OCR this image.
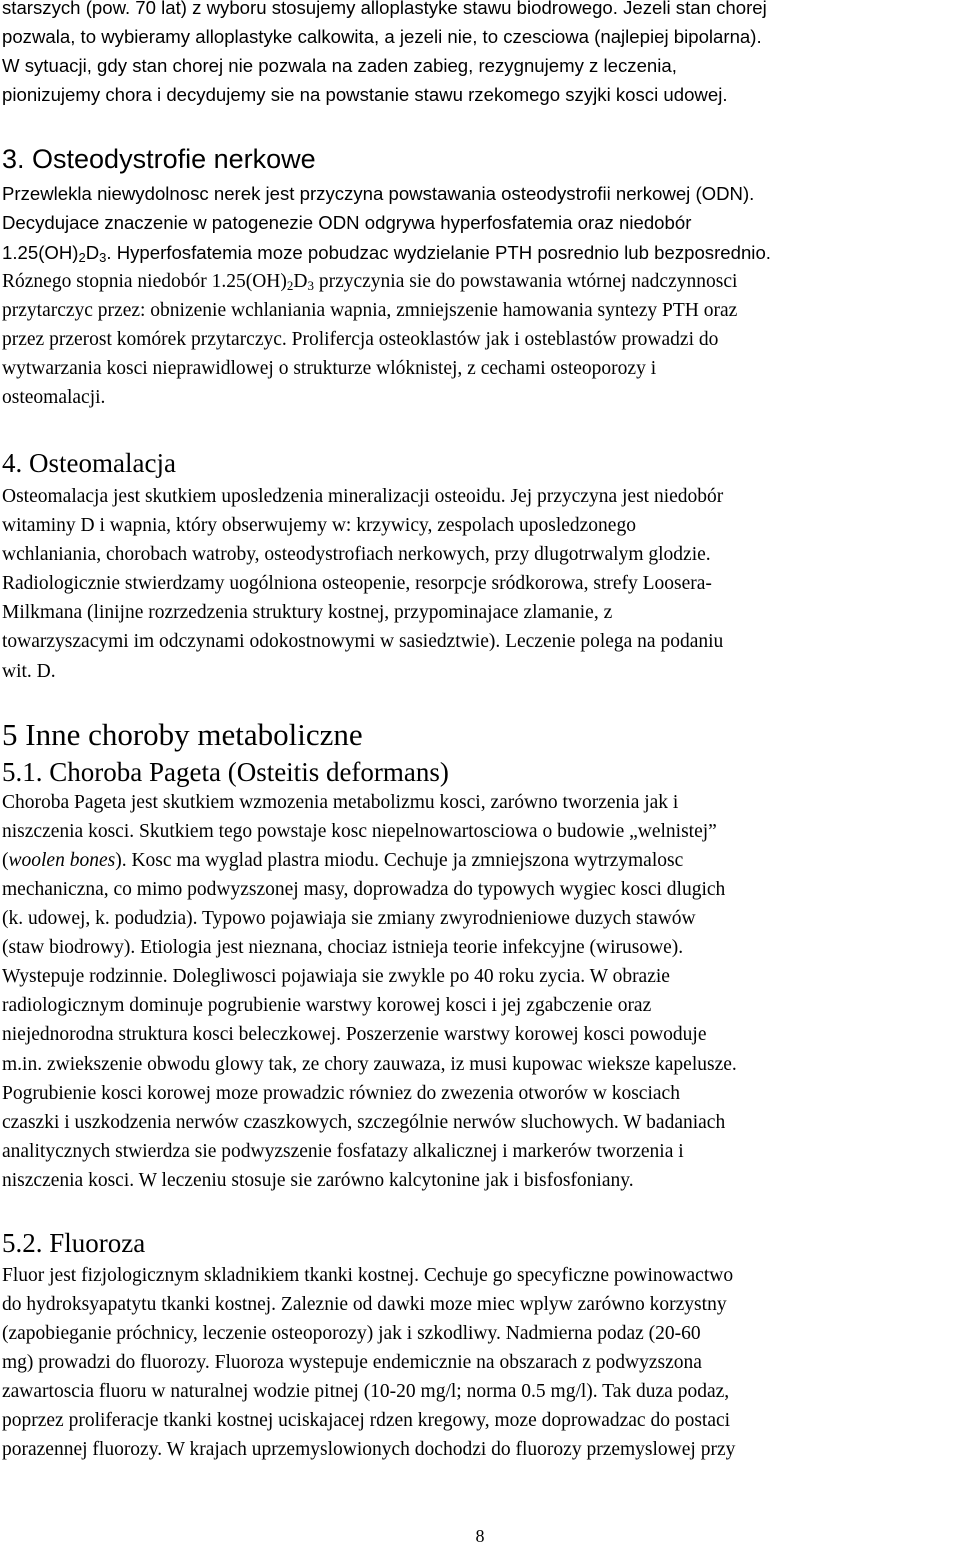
starszych (pow. 70 lat) z wyboru stosujemy alloplastyke stawu biodrowego. Jezeli stan chorej
pozwala, to wybieramy alloplastyke calkowita, a jezeli nie, to czesciowa (najlepiej bipolarna).
W sytuacji, gdy stan chorej nie pozwala na zaden zabieg, rezygnujemy z leczenia,
pionizujemy chora i decydujemy sie na powstanie stawu rzekomego szyjki kosci udowej.
3. Osteodystrofie nerkowe
Przewlekla niewydolnosc nerek jest przyczyna powstawania osteodystrofii nerkowej (ODN).
Decydujace znaczenie w patogenezie ODN odgrywa hyperfosfatemia oraz niedobór
$1.25(OH)_2D_3$. Hyperfosfatemia moze pobudzac wydzielanie PTH posrednio lub bezposrednio.
Róznego stopnia niedobór $1.25(OH)_2D_3$ przyczynia sie do powstawania wtórnej nadczynnosci
przytarczyc przez: obnizenie wchlaniania wapnia, zmniejszenie hamowania syntezy PTH oraz
przez przerost komórek przytarczyc. Prolifercja osteoklastów jak i osteblastów prowadzi do
wytwarzania kosci nieprawidlowej o strukturze wlóknistej, z cechami osteoporozy i
osteomalacji.
4. Osteomalacja
Osteomalacja jest skutkiem uposledzenia mineralizacji osteoidu. Jej przyczyna jest niedobór
witaminy D i wapnia, który obserwujemy w: krzywicy, zespolach uposledzonego
wchlaniania, chorobach watroby, osteodystrofiach nerkowych, przy dlugotrwalym glodzie.
Radiologicznie stwierdzamy uogólniona osteopenie, resorpcje sródkorowa, strefy Loosera-
Milkmana (linijne rozrzedzenia struktury kostnej, przypominajace zlamanie, z
towarzyszacymi im odczynami odokostnowymi w sasiedztwie). Leczenie polega na podaniu
wit. D.
5 Inne choroby metaboliczne
5.1. Choroba Pageta (Osteitis deformans)
Choroba Pageta jest skutkiem wzmozenia metabolizmu kosci, zarówno tworzenia jak i
niszczenia kosci. Skutkiem tego powstaje kosc niepelnowartosciowa o budowie „welnistej”
(woolen bones). Kosc ma wyglad plastra miodu. Cechuje ja zmniejszona wytrzymalosc
mechaniczna, co mimo podwyzszonej masy, doprowadza do typowych wygiec kosci dlugich
(k. udowej, k. podudzia). Typowo pojawiaja sie zmiany zwyrodnieniowe duzych stawów
(staw biodrowy). Etiologia jest nieznana, chociaz istnieja teorie infekcyjne (wirusowe).
Wystepuje rodzinnie. Dolegliwosci pojawiaja sie zwykle po 40 roku zycia. W obrazie
radiologicznym dominuje pogrubienie warstwy korowej kosci i jej zgabczenie oraz
niejednorodna struktura kosci beleczkowej. Poszerzenie warstwy korowej kosci powoduje
m.in. zwiekszenie obwodu glowy tak, ze chory zauwaza, iz musi kupowac wieksze kapelusze.
Pogrubienie kosci korowej moze prowadzic równiez do zwezenia otworów w kosciach
czaszki i uszkodzenia nerwów czaszkowych, szczególnie nerwów sluchowych. W badaniach
analitycznych stwierdza sie podwyzszenie fosfatazy alkalicznej i markerów tworzenia i
niszczenia kosci. W leczeniu stosuje sie zarówno kalcytonine jak i bisfosfoniany.
5.2. Fluoroza
Fluor jest fizjologicznym skladnikiem tkanki kostnej. Cechuje go specyficzne powinowactwo
do hydroksyapatytu tkanki kostnej. Zaleznie od dawki moze miec wplyw zarówno korzystny
(zapobieganie próchnicy, leczenie osteoporozy) jak i szkodliwy. Nadmierna podaz (20-60
mg) prowadzi do fluorozy. Fluoroza wystepuje endemicznie na obszarach z podwyzszona
zawartoscia fluoru w naturalnej wodzie pitnej (10-20 mg/l; norma 0.5 mg/l). Tak duza podaz,
poprzez proliferacje tkanki kostnej uciskajacej rdzen kregowy, moze doprowadzac do postaci
porazennej fluorozy. W krajach uprzemyslowionych dochodzi do fluorozy przemyslowej przy
8
